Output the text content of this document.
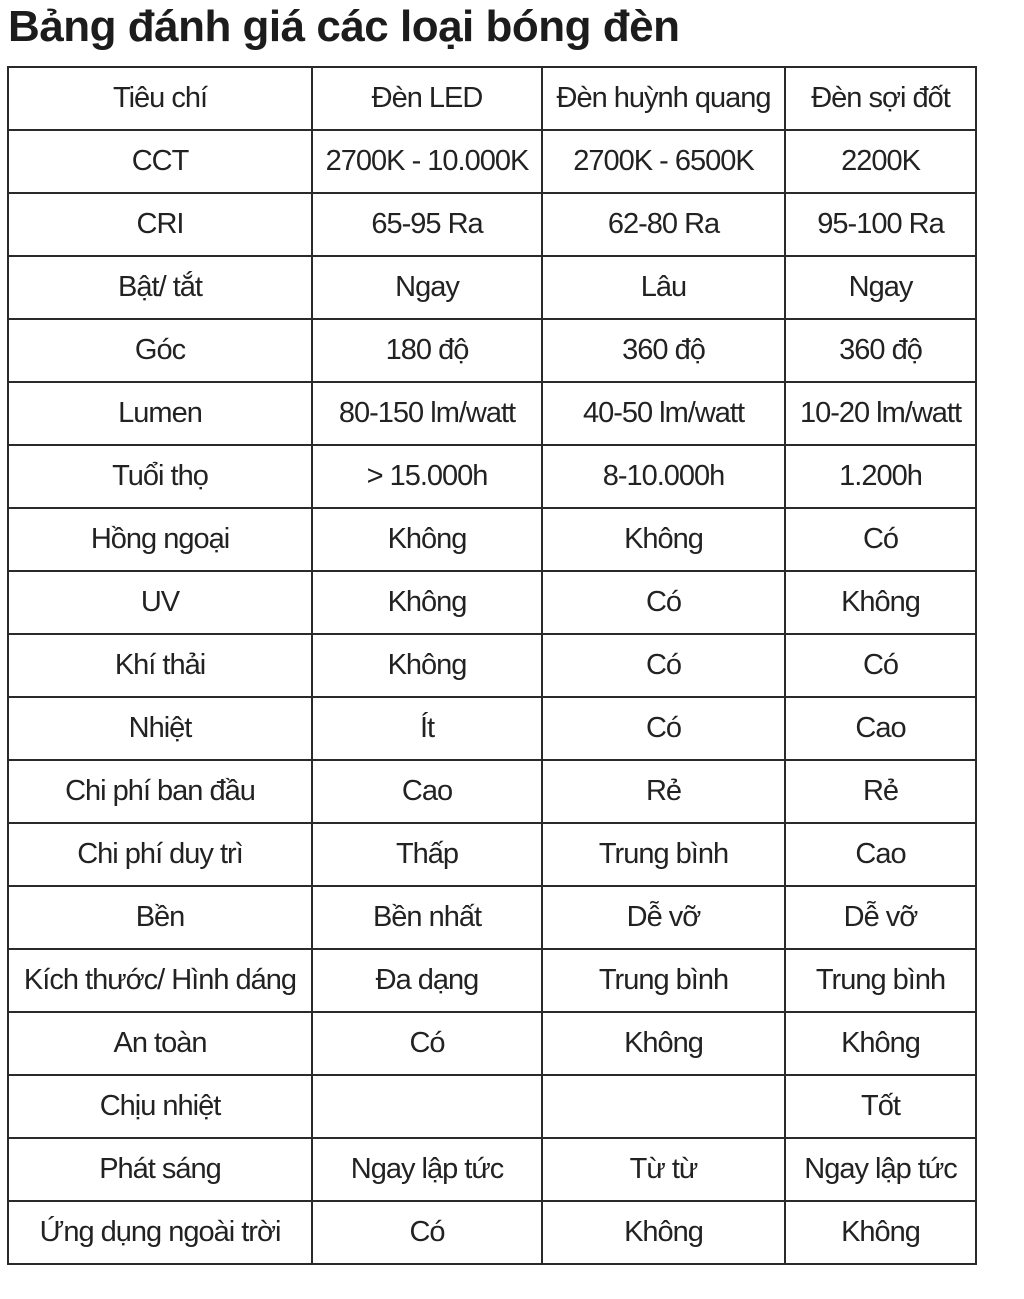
Bảng đánh giá các loại bóng đèn
Tiêu chí	Đèn LED	Đèn huỳnh quang	Đèn sợi đốt
CCT	2700K - 10.000K	2700K - 6500K	2200K
CRI	65-95 Ra	62-80 Ra	95-100 Ra
Bật/ tắt	Ngay	Lâu	Ngay
Góc	180 độ	360 độ	360 độ
Lumen	80-150 lm/watt	40-50 lm/watt	10-20 lm/watt
Tuổi thọ	> 15.000h	8-10.000h	1.200h
Hồng ngoại	Không	Không	Có
UV	Không	Có	Không
Khí thải	Không	Có	Có
Nhiệt	Ít	Có	Cao
Chi phí ban đầu	Cao	Rẻ	Rẻ
Chi phí duy trì	Thấp	Trung bình	Cao
Bền	Bền nhất	Dễ vỡ	Dễ vỡ
Kích thước/ Hình dáng	Đa dạng	Trung bình	Trung bình
An toàn	Có	Không	Không
Chịu nhiệt			Tốt
Phát sáng	Ngay lập tức	Từ từ	Ngay lập tức
Ứng dụng ngoài trời	Có	Không	Không
